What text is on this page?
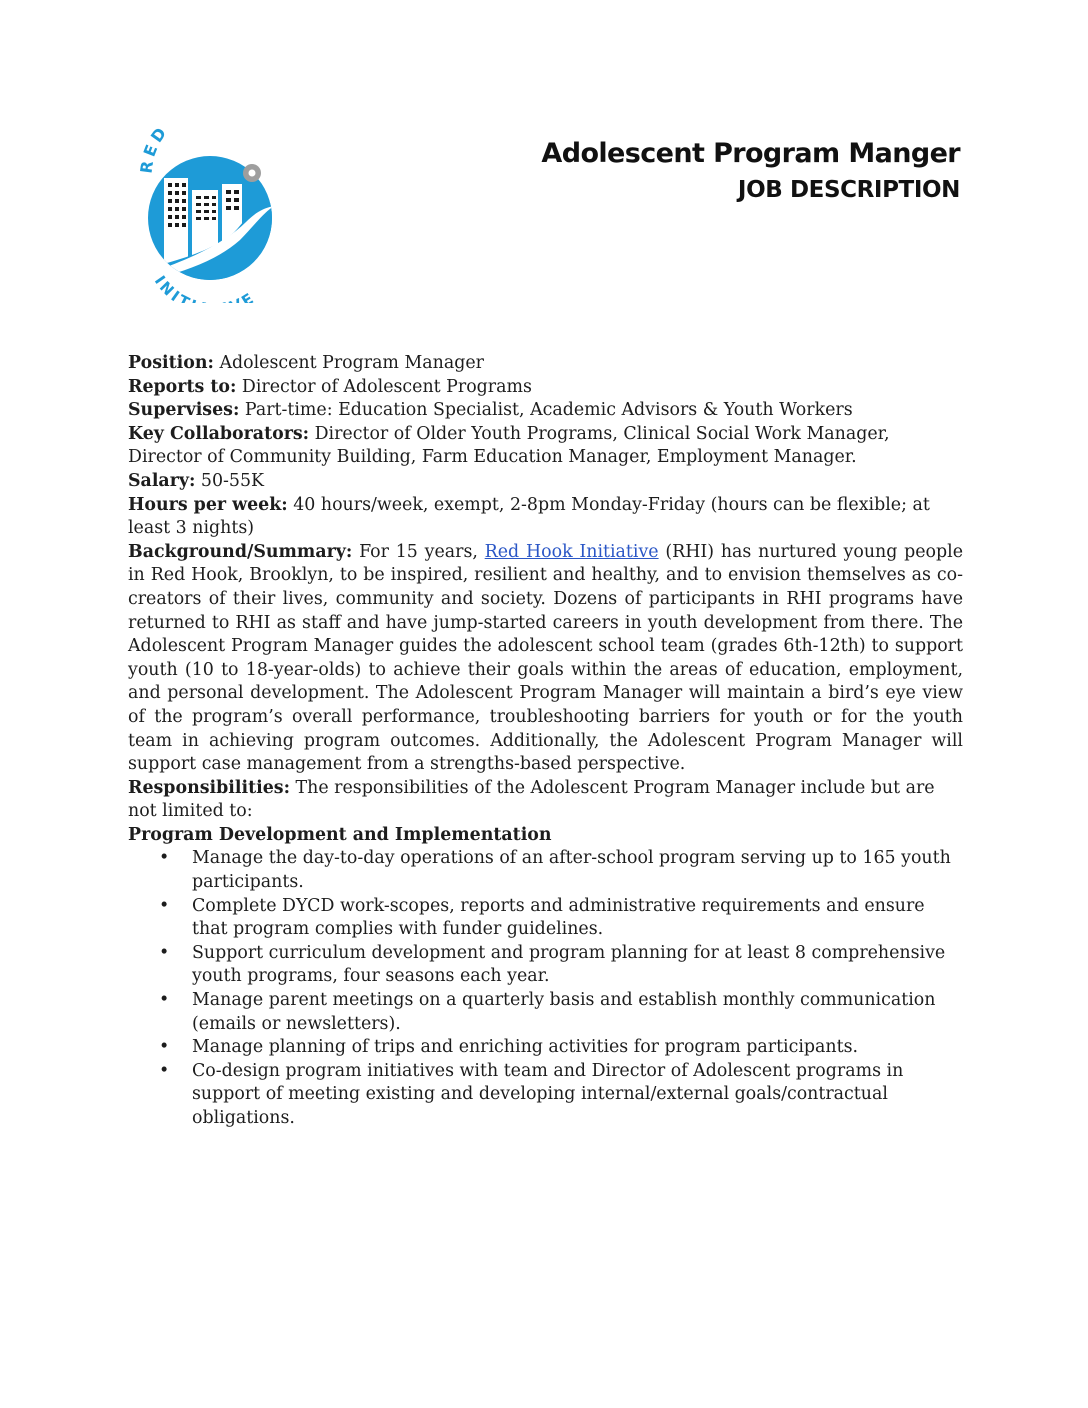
RED
INIT E
Adolescent Program Manger
JOB DESCRIPTION

Position: Adolescent Program Manager

Reports to: Director of Adolescent Programs

Supervises: Part-time: Education Specialist, Academic Advisors & Youth Workers

Key Collaborators: Director of Older Youth Programs, Clinical Social Work Manager, Director of Community Building, Farm Education Manager, Employment Manager.

Salary: 50-55K

Hours per week: 40 hours/week, exempt, 2-8pm Monday-Friday (hours can be flexible; at least 3 nights)

Background/Summary: For 15 years, Red Hook Initiative (RHI) has nurtured young people in Red Hook, Brooklyn, to be inspired, resilient and healthy, and to envision themselves as co-creators of their lives, community and society. Dozens of participants in RHI programs have returned to RHI as staff and have jump-started careers in youth development from there. The Adolescent Program Manager guides the adolescent school team (grades 6th-12th) to support youth (10 to 18-year-olds) to achieve their goals within the areas of education, employment, and personal development. The Adolescent Program Manager will maintain a bird’s eye view of the program’s overall performance, troubleshooting barriers for youth or for the youth team in achieving program outcomes. Additionally, the Adolescent Program Manager will support case management from a strengths-based perspective.

Responsibilities: The responsibilities of the Adolescent Program Manager include but are not limited to:

Program Development and Implementation

• Manage the day-to-day operations of an after-school program serving up to 165 youth participants.
• Complete DYCD work-scopes, reports and administrative requirements and ensure that program complies with funder guidelines.
• Support curriculum development and program planning for at least 8 comprehensive youth programs, four seasons each year.
• Manage parent meetings on a quarterly basis and establish monthly communication (emails or newsletters).
• Manage planning of trips and enriching activities for program participants.
• Co-design program initiatives with team and Director of Adolescent programs in support of meeting existing and developing internal/external goals/contractual obligations.
